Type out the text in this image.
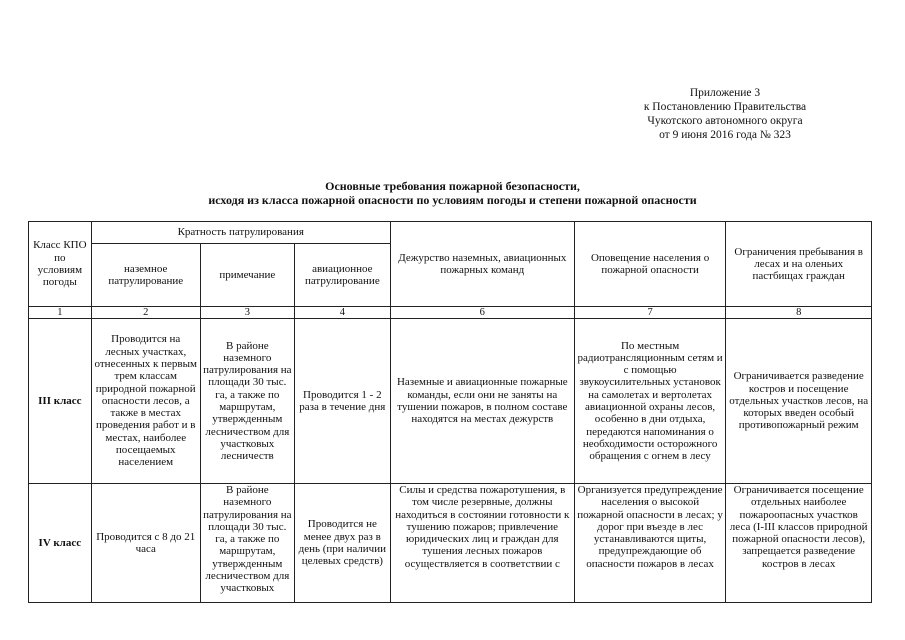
Приложение 3
к Постановлению Правительства
Чукотского автономного округа
от 9 июня 2016 года № 323
Основные требования пожарной безопасности,
исходя из класса пожарной опасности по условиям погоды и степени пожарной опасности
Класс КПО по условиям погоды	Кратность патрулирования			Дежурство наземных, авиационных пожарных команд	Оповещение населения о пожарной опасности	Ограничения пребывания в лесах и на оленьих пастбищах граждан
	наземное патрулирование	примечание	авиационное патрулирование			
1	2	3	4	6	7	8
III класс	Проводится на лесных участках, отнесенных к первым трем классам природной пожарной опасности лесов, а также в местах проведения работ и в местах, наиболее посещаемых населением	В районе наземного патрулирования на площади 30 тыс. га, а также по маршрутам, утвержденным лесничеством для участковых лесничеств	Проводится 1 - 2 раза в течение дня	Наземные и авиационные пожарные команды, если они не заняты на тушении пожаров, в полном составе находятся на местах дежурств	По местным радиотрансляционным сетям и с помощью звукоусилительных установок на самолетах и вертолетах авиационной охраны лесов, особенно в дни отдыха, передаются напоминания о необходимости осторожного обращения с огнем в лесу	Ограничивается разведение костров и посещение отдельных участков лесов, на которых введен особый противопожарный режим
IV класс	Проводится с 8 до 21 часа	В районе наземного патрулирования на площади 30 тыс. га, а также по маршрутам, утвержденным лесничеством для участковых	Проводится не менее двух раз в день (при наличии целевых средств)	Силы и средства пожаротушения, в том числе резервные, должны находиться в состоянии готовности к тушению пожаров; привлечение юридических лиц и граждан для тушения лесных пожаров осуществляется в соответствии с	Организуется предупреждение населения о высокой пожарной опасности в лесах; у дорог при въезде в лес устанавливаются щиты, предупреждающие об опасности пожаров в лесах	Ограничивается посещение отдельных наиболее пожароопасных участков леса (I-III классов природной пожарной опасности лесов), запрещается разведение костров в лесах
